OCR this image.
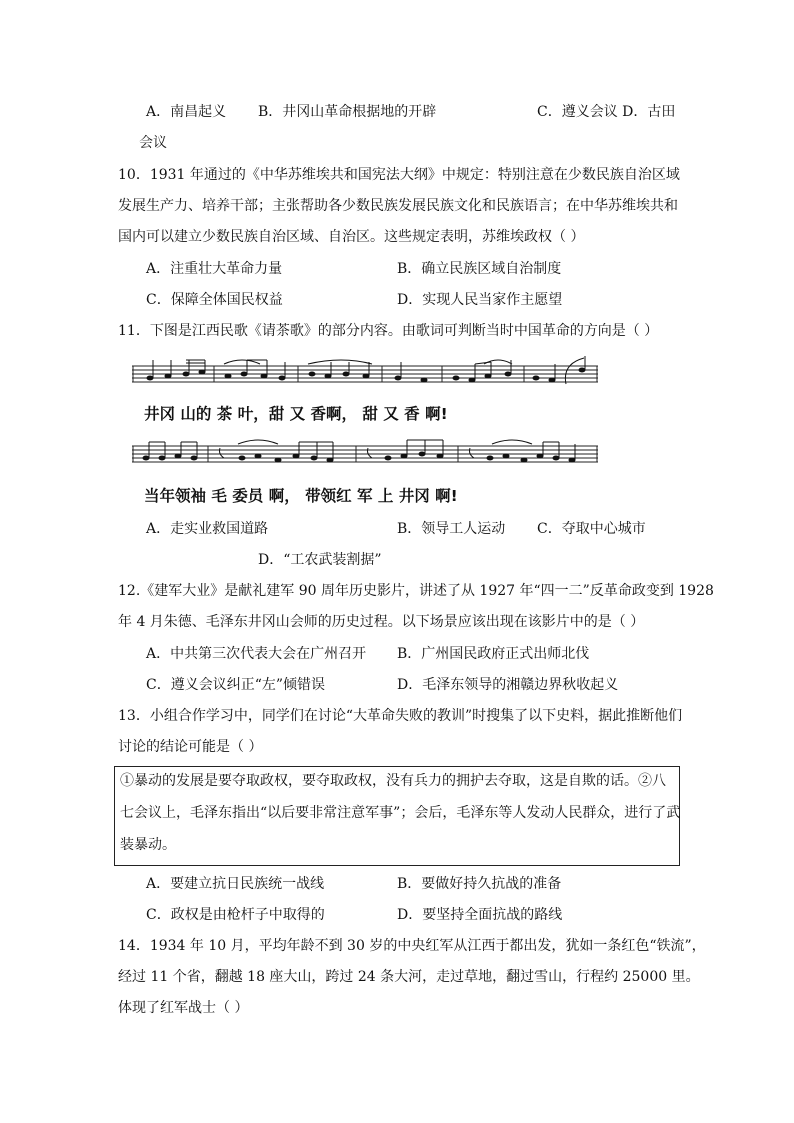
A．南昌起义 B．井冈山革命根据地的开辟	C．遵义会议 D．古田
会议
10．1931 年通过的《中华苏维埃共和国宪法大纲》中规定：特别注意在少数民族自治区域
发展生产力、培养干部；主张帮助各少数民族发展民族文化和民族语言；在中华苏维埃共和
国内可以建立少数民族自治区域、自治区。这些规定表明，苏维埃政权（ ）
A．注重壮大革命力量	B．确立民族区域自治制度
C．保障全体国民权益	D．实现人民当家作主愿望
11．下图是江西民歌《请茶歌》的部分内容。由歌词可判断当时中国革命的方向是（ ）
井冈 山的 茶 叶，甜 又 香啊， 甜 又 香 啊!
当年领袖 毛 委员 啊， 带领红 军 上 井冈 啊!
A．走实业救国道路	B．领导工人运动 C．夺取中心城市
D．“工农武装割据”
12.《建军大业》是献礼建军 90 周年历史影片，讲述了从 1927 年“四一二”反革命政变到 1928
年 4 月朱德、毛泽东井冈山会师的历史过程。以下场景应该出现在该影片中的是（ ）
A．中共第三次代表大会在广州召开 B．广州国民政府正式出师北伐
C．遵义会议纠正“左”倾错误	D．毛泽东领导的湘赣边界秋收起义
13．小组合作学习中，同学们在讨论“大革命失败的教训”时搜集了以下史料，据此推断他们
讨论的结论可能是（ ）
①暴动的发展是要夺取政权，要夺取政权，没有兵力的拥护去夺取，这是自欺的话。②八
七会议上，毛泽东指出“以后要非常注意军事”；会后，毛泽东等人发动人民群众，进行了武
装暴动。
A．要建立抗日民族统一战线	B．要做好持久抗战的准备
C．政权是由枪杆子中取得的	D．要坚持全面抗战的路线
14．1934 年 10 月，平均年龄不到 30 岁的中央红军从江西于都出发，犹如一条红色“铁流”，
经过 11 个省，翻越 18 座大山，跨过 24 条大河，走过草地，翻过雪山，行程约 25000 里。
体现了红军战士（ ）
